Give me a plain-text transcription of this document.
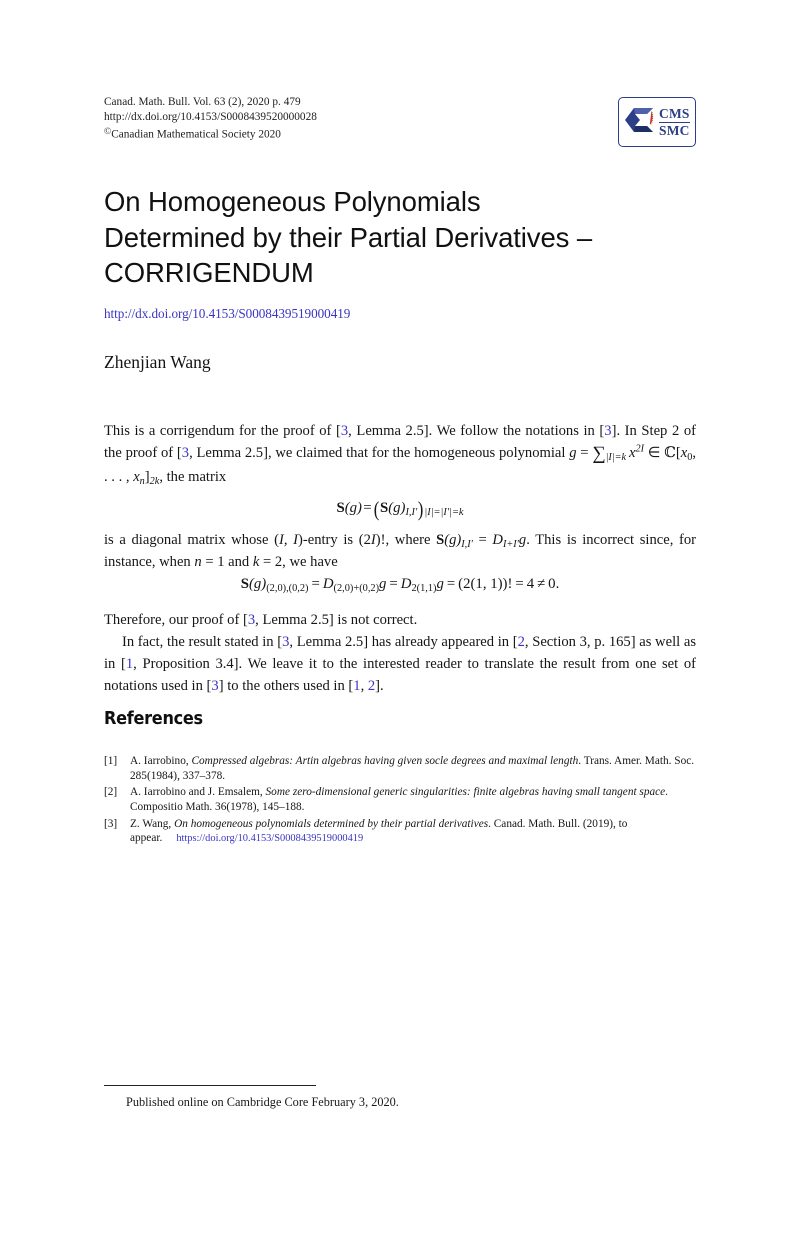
Canad. Math. Bull. Vol. 63 (2), 2020 p. 479
http://dx.doi.org/10.4153/S0008439520000028
©Canadian Mathematical Society 2020
CMS
SMC
On Homogeneous Polynomials
Determined by their Partial Derivatives –
CORRIGENDUM
http://dx.doi.org/10.4153/S0008439519000419
Zhenjian Wang
This is a corrigendum for the proof of [3, Lemma 2.5]. We follow the notations in [3]. In Step 2 of the proof of [3, Lemma 2.5], we claimed that for the homogeneous polynomial $g = \sum_{|I|=k}$  $x^{2I}$ ∈ $ℂ[x_0$, . . . , $x_n]_{2k}$, the matrix
S(g) = $(S(g)_{I,I'})_{|I|=|I'|=k}$
is a diagonal matrix whose (I, I)-entry is (2I)!, where $S(g)_{I,I'} = D_{I+I'}g$. This is incorrect since, for instance, when n = 1 and k = 2, we have
$S(g)_{(2,0),(0,2)} = D_{(2,0)+(0,2)}g = D_{2(1,1)}g = (2(1$, 1))!  =  4  ≠  0.
Therefore, our proof of [3, Lemma 2.5] is not correct.
In fact, the result stated in [3, Lemma 2.5] has already appeared in [2, Section 3, p. 165] as well as in [1, Proposition 3.4]. We leave it to the interested reader to translate the result from one set of notations used in [3] to the others used in [1, 2].
References
[1]	A. Iarrobino, Compressed algebras: Artin algebras having given socle degrees and maximal length. Trans. Amer. Math. Soc. 285(1984), 337–378.
[2]	A. Iarrobino and J. Emsalem, Some zero-dimensional generic singularities: finite algebras having small tangent space. Compositio Math. 36(1978), 145–188.
[3]	Z. Wang, On homogeneous polynomials determined by their partial derivatives. Canad. Math. Bull. (2019), to appear. https://doi.org/10.4153/S0008439519000419
Published online on Cambridge Core February 3, 2020.
